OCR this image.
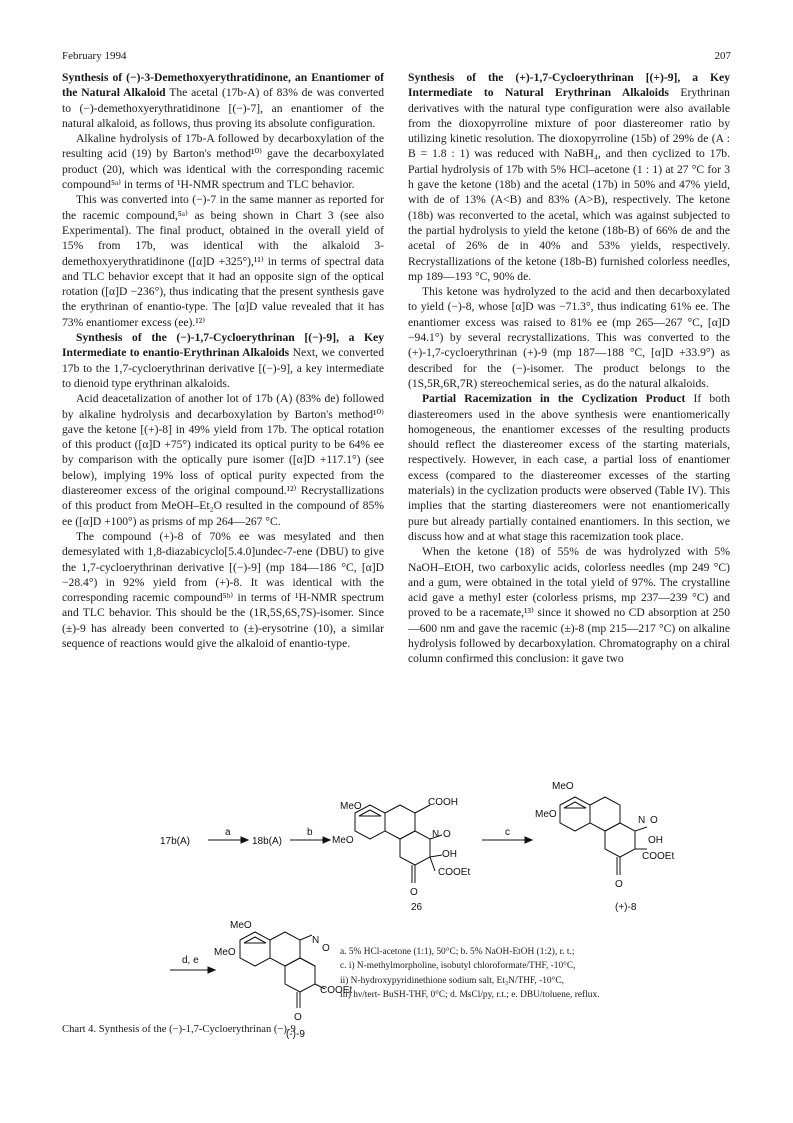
February 1994	207

Synthesis of (−)-3-Demethoxyerythratidinone, an Enantiomer of the Natural Alkaloid The acetal (17b-A) of 83% de was converted to (−)-demethoxyerythratidinone [(−)-7], an enantiomer of the natural alkaloid, as follows, thus proving its absolute configuration.

Alkaline hydrolysis of 17b-A followed by decarboxylation of the resulting acid (19) by Barton's method¹⁰⁾ gave the decarboxylated product (20), which was identical with the corresponding racemic compound⁵ᵃ⁾ in terms of ¹H-NMR spectrum and TLC behavior.

This was converted into (−)-7 in the same manner as reported for the racemic compound,⁵ᵃ⁾ as being shown in Chart 3 (see also Experimental). The final product, obtained in the overall yield of 15% from 17b, was identical with the alkaloid 3-demethoxyerythratidinone ([α]D +325°),¹¹⁾ in terms of spectral data and TLC behavior except that it had an opposite sign of the optical rotation ([α]D −236°), thus indicating that the present synthesis gave the erythrinan of enantio-type. The [α]D value revealed that it has 73% enantiomer excess (ee).¹²⁾

Synthesis of the (−)-1,7-Cycloerythrinan [(−)-9], a Key Intermediate to enantio-Erythrinan Alkaloids Next, we converted 17b to the 1,7-cycloerythrinan derivative [(−)-9], a key intermediate to dienoid type erythrinan alkaloids.

Acid deacetalization of another lot of 17b (A) (83% de) followed by alkaline hydrolysis and decarboxylation by Barton's method¹⁰⁾ gave the ketone [(+)-8] in 49% yield from 17b. The optical rotation of this product ([α]D +75°) indicated its optical purity to be 64% ee by comparison with the optically pure isomer ([α]D +117.1°) (see below), implying 19% loss of optical purity expected from the diastereomer excess of the original compound.¹²⁾ Recrystallizations of this product from MeOH–Et₂O resulted in the compound of 85% ee ([α]D +100°) as prisms of mp 264—267 °C.

The compound (+)-8 of 70% ee was mesylated and then demesylated with 1,8-diazabicyclo[5.4.0]undec-7-ene (DBU) to give the 1,7-cycloerythrinan derivative [(−)-9] (mp 184—186 °C, [α]D −28.4°) in 92% yield from (+)-8. It was identical with the corresponding racemic compound⁵ᵇ⁾ in terms of ¹H-NMR spectrum and TLC behavior. This should be the (1R,5S,6S,7S)-isomer. Since (±)-9 has already been converted to (±)-erysotrine (10), a similar sequence of reactions would give the alkaloid of enantio-type.

Synthesis of the (+)-1,7-Cycloerythrinan [(+)-9], a Key Intermediate to Natural Erythrinan Alkaloids Erythrinan derivatives with the natural type configuration were also available from the dioxopyrroline mixture of poor diastereomer ratio by utilizing kinetic resolution. The dioxopyrroline (15b) of 29% de (A : B = 1.8 : 1) was reduced with NaBH₄, and then cyclized to 17b. Partial hydrolysis of 17b with 5% HCl–acetone (1 : 1) at 27 °C for 3 h gave the ketone (18b) and the acetal (17b) in 50% and 47% yield, with de of 13% (A<B) and 83% (A>B), respectively. The ketone (18b) was reconverted to the acetal, which was against subjected to the partial hydrolysis to yield the ketone (18b-B) of 66% de and the acetal of 26% de in 40% and 53% yields, respectively. Recrystallizations of the ketone (18b-B) furnished colorless needles, mp 189—193 °C, 90% de.

This ketone was hydrolyzed to the acid and then decarboxylated to yield (−)-8, whose [α]D was −71.3°, thus indicating 61% ee. The enantiomer excess was raised to 81% ee (mp 265—267 °C, [α]D −94.1°) by several recrystallizations. This was converted to the (+)-1,7-cycloerythrinan (+)-9 (mp 187—188 °C, [α]D +33.9°) as described for the (−)-isomer. The product belongs to the (1S,5R,6R,7R) stereochemical series, as do the natural alkaloids.

Partial Racemization in the Cyclization Product If both diastereomers used in the above synthesis were enantiomerically homogeneous, the enantiomer excesses of the resulting products should reflect the diastereomer excess of the starting materials, respectively. However, in each case, a partial loss of enantiomer excess (compared to the diastereomer excesses of the starting materials) in the cyclization products were observed (Table IV). This implies that the starting diastereomers were not enantiomerically pure but already partially contained enantiomers. In this section, we discuss how and at what stage this racemization took place.

When the ketone (18) of 55% de was hydrolyzed with 5% NaOH–EtOH, two carboxylic acids, colorless needles (mp 249 °C) and a gum, were obtained in the total yield of 97%. The crystalline acid gave a methyl ester (colorless prisms, mp 237—239 °C) and proved to be a racemate,¹³⁾ since it showed no CD absorption at 250—600 nm and gave the racemic (±)-8 (mp 215—217 °C) on alkaline hydrolysis followed by decarboxylation. Chromatography on a chiral column confirmed this conclusion: it gave two

17b(A)
a
18b(A)
b
MeO
MeO
COOH
N O
OH
COOEt
O
26
c
MeO
MeO
N O
OH
COOEt
O
(+)-8
d, e
MeO
MeO
N
O
COOEt
O
(-)-9
a. 5% HCl-acetone (1:1), 50°C; b. 5% NaOH-EtOH (1:2), r. t.;
c. i) N-methylmorpholine, isobutyl chloroformate/THF, -10°C,
ii) N-hydroxypyridinethione sodium salt, Et₃N/THF, -10°C,
iii) hν/tert- BuSH-THF, 0°C; d. MsCl/py, r.t.; e. DBU/toluene, reflux.
Chart 4. Synthesis of the (−)-1,7-Cycloerythrinan (−)-9
